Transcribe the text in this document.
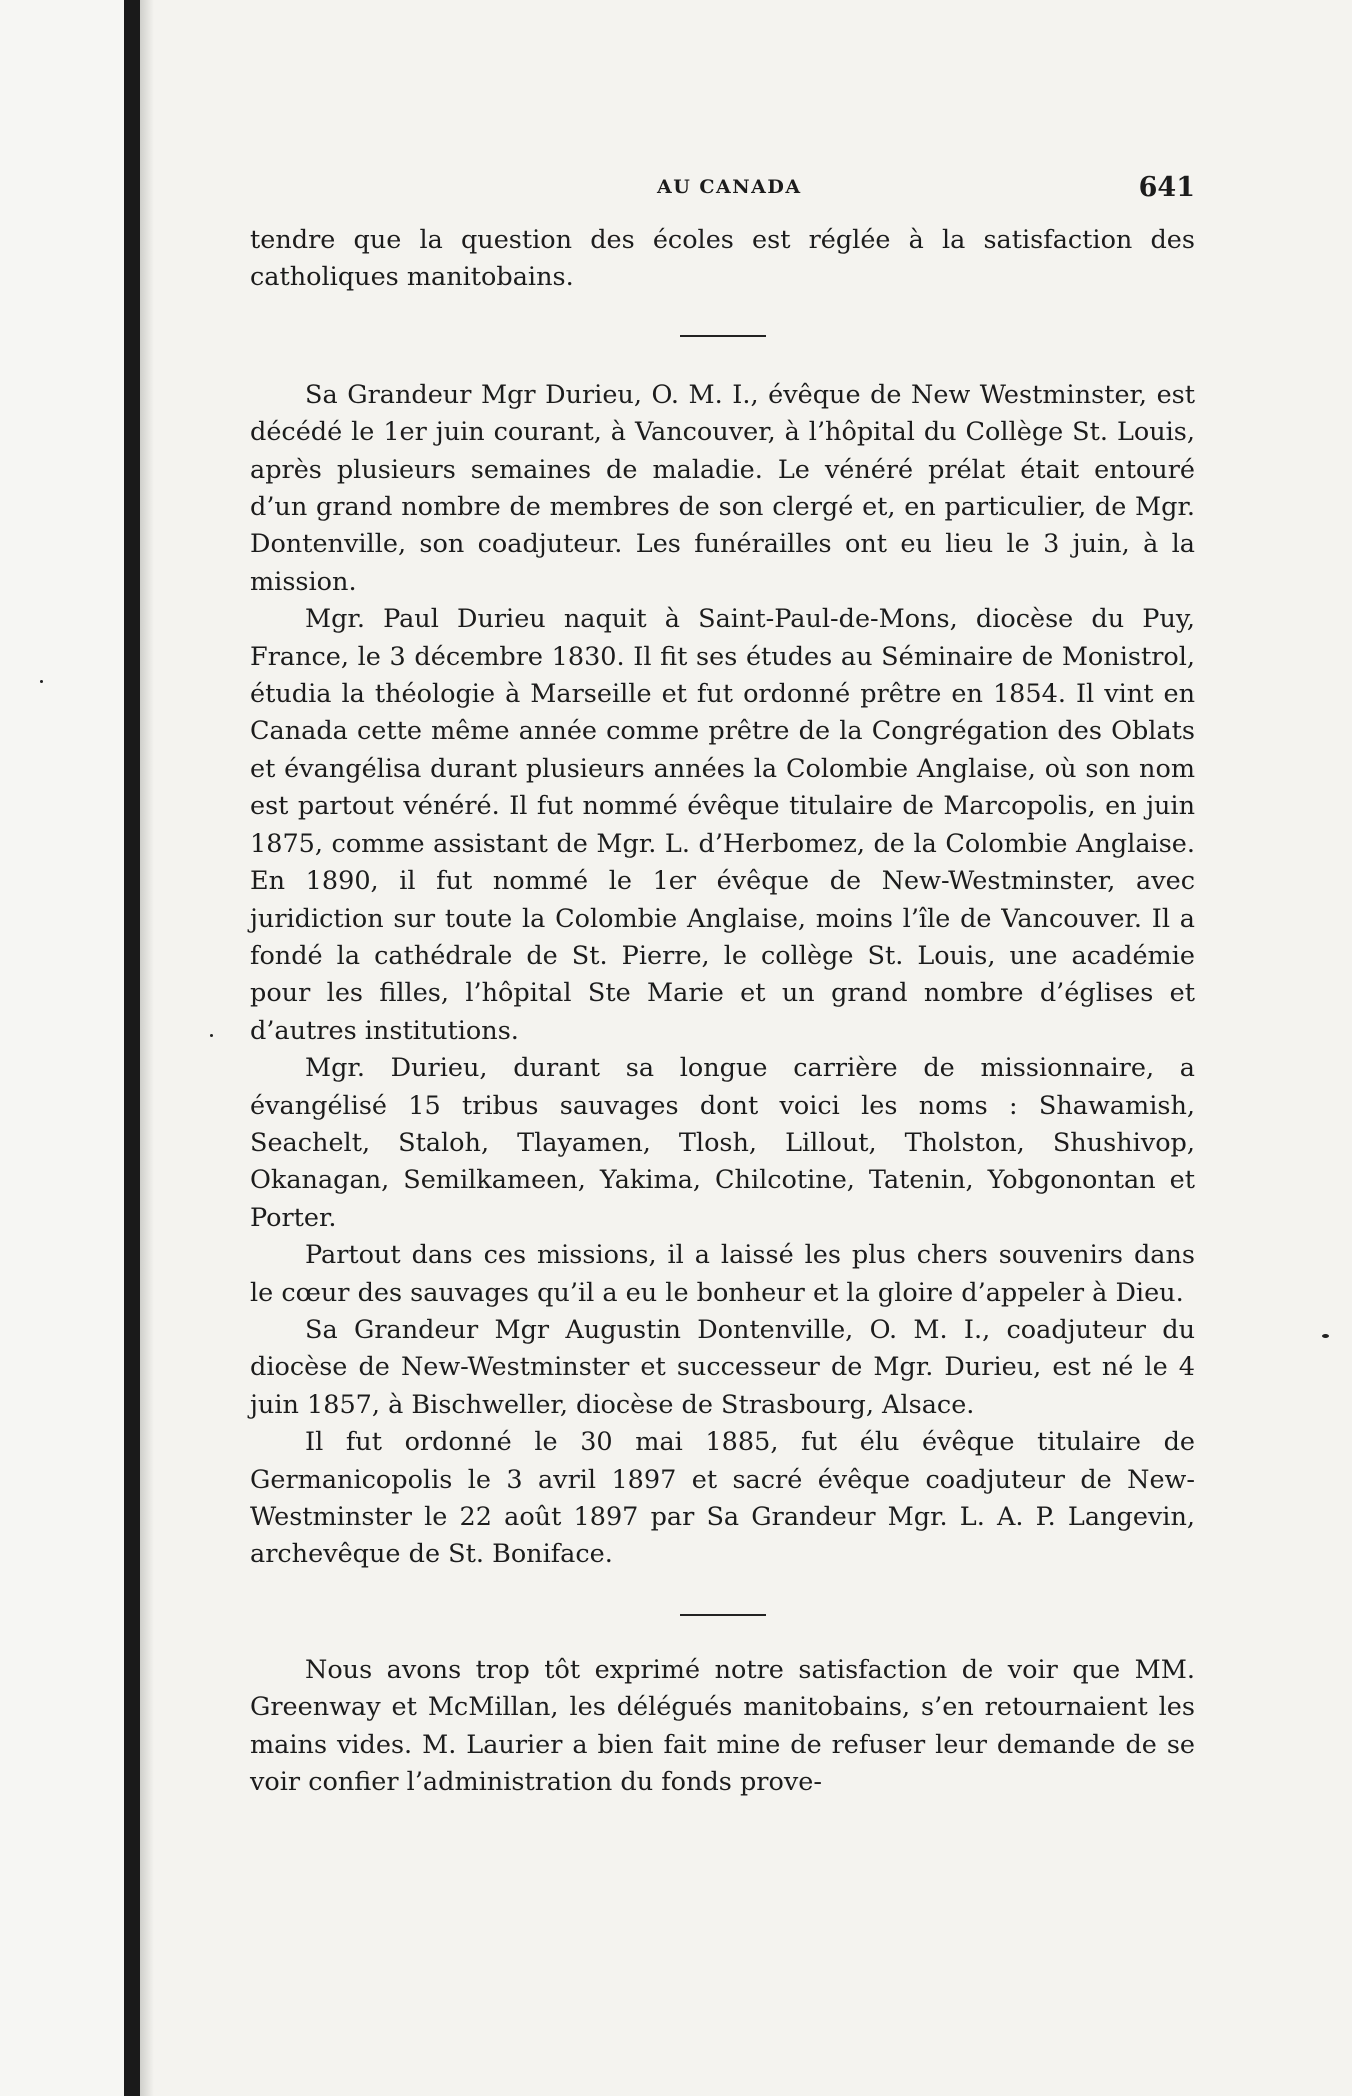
AU CANADA	641

tendre que la question des écoles est réglée à la satisfaction des catholiques manitobains.

Sa Grandeur Mgr Durieu, O. M. I., évêque de New Westminster, est décédé le 1er juin courant, à Vancouver, à l’hôpital du Collège St. Louis, après plusieurs semaines de maladie. Le vénéré prélat était entouré d’un grand nombre de membres de son clergé et, en particulier, de Mgr. Dontenville, son coadjuteur. Les funérailles ont eu lieu le 3 juin, à la mission.

Mgr. Paul Durieu naquit à Saint-Paul-de-Mons, diocèse du Puy, France, le 3 décembre 1830. Il fit ses études au Séminaire de Monistrol, étudia la théologie à Marseille et fut ordonné prêtre en 1854. Il vint en Canada cette même année comme prêtre de la Congrégation des Oblats et évangélisa durant plusieurs années la Colombie Anglaise, où son nom est partout vénéré. Il fut nommé évêque titulaire de Marcopolis, en juin 1875, comme assistant de Mgr. L. d’Herbomez, de la Colombie Anglaise. En 1890, il fut nommé le 1er évêque de New-Westminster, avec juridiction sur toute la Colombie Anglaise, moins l’île de Vancouver. Il a fondé la cathédrale de St. Pierre, le collège St. Louis, une académie pour les filles, l’hôpital Ste Marie et un grand nombre d’églises et d’autres institutions.

Mgr. Durieu, durant sa longue carrière de missionnaire, a évangélisé 15 tribus sauvages dont voici les noms : Shawamish, Seachelt, Staloh, Tlayamen, Tlosh, Lillout, Tholston, Shushivop, Okanagan, Semilkameen, Yakima, Chilcotine, Tatenin, Yobgonontan et Porter.

Partout dans ces missions, il a laissé les plus chers souvenirs dans le cœur des sauvages qu’il a eu le bonheur et la gloire d’appeler à Dieu.

Sa Grandeur Mgr Augustin Dontenville, O. M. I., coadjuteur du diocèse de New-Westminster et successeur de Mgr. Durieu, est né le 4 juin 1857, à Bischweller, diocèse de Strasbourg, Alsace.

Il fut ordonné le 30 mai 1885, fut élu évêque titulaire de Germanicopolis le 3 avril 1897 et sacré évêque coadjuteur de New-Westminster le 22 août 1897 par Sa Grandeur Mgr. L. A. P. Langevin, archevêque de St. Boniface.

Nous avons trop tôt exprimé notre satisfaction de voir que MM. Greenway et McMillan, les délégués manitobains, s’en retournaient les mains vides. M. Laurier a bien fait mine de refuser leur demande de se voir confier l’administration du fonds prove-
